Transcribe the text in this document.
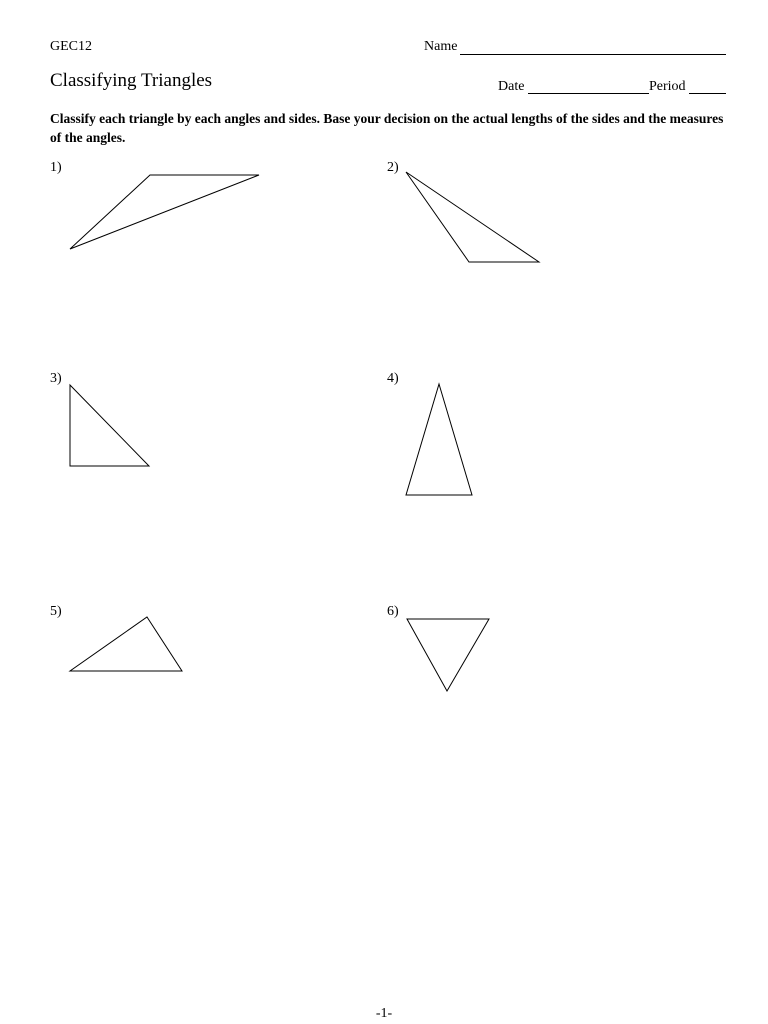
GEC12	Name
Classifying Triangles	Date	Period
Classify each triangle by each angles and sides. Base your decision on the actual lengths of the sides and the measures of the angles.
1)	2)
3)	4)
5)	6)
-1-
